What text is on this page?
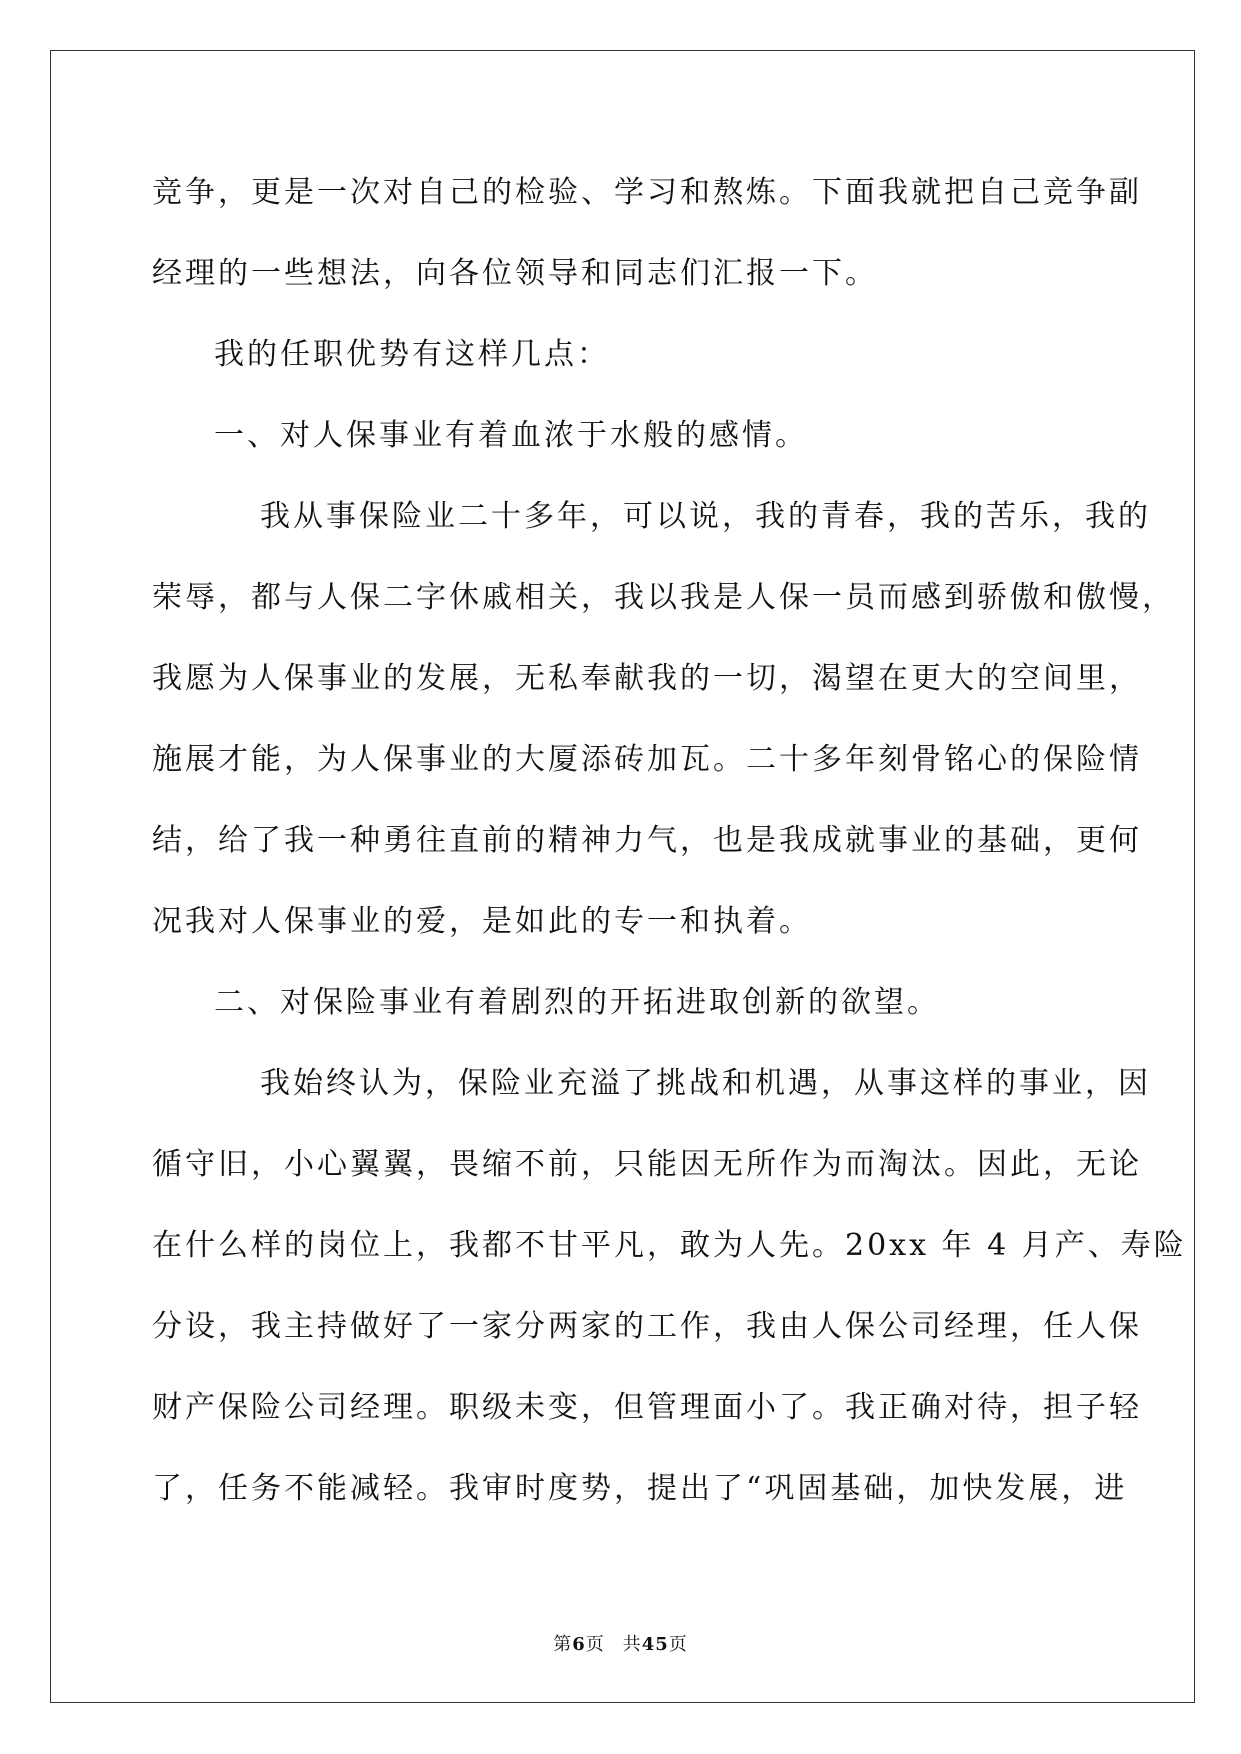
竞争，更是一次对自己的检验、学习和熬炼。下面我就把自己竞争副
经理的一些想法，向各位领导和同志们汇报一下。
我的任职优势有这样几点：
一、对人保事业有着血浓于水般的感情。
我从事保险业二十多年，可以说，我的青春，我的苦乐，我的
荣辱，都与人保二字休戚相关，我以我是人保一员而感到骄傲和傲慢，
我愿为人保事业的发展，无私奉献我的一切，渴望在更大的空间里，
施展才能，为人保事业的大厦添砖加瓦。二十多年刻骨铭心的保险情
结，给了我一种勇往直前的精神力气，也是我成就事业的基础，更何
况我对人保事业的爱，是如此的专一和执着。
二、对保险事业有着剧烈的开拓进取创新的欲望。
我始终认为，保险业充溢了挑战和机遇，从事这样的事业，因
循守旧，小心翼翼，畏缩不前，只能因无所作为而淘汰。因此，无论
在什么样的岗位上，我都不甘平凡，敢为人先。20xx 年 4 月产、寿险
分设，我主持做好了一家分两家的工作，我由人保公司经理，任人保
财产保险公司经理。职级未变，但管理面小了。我正确对待，担子轻
了，任务不能减轻。我审时度势，提出了“巩固基础，加快发展，进
第6页 共45页
